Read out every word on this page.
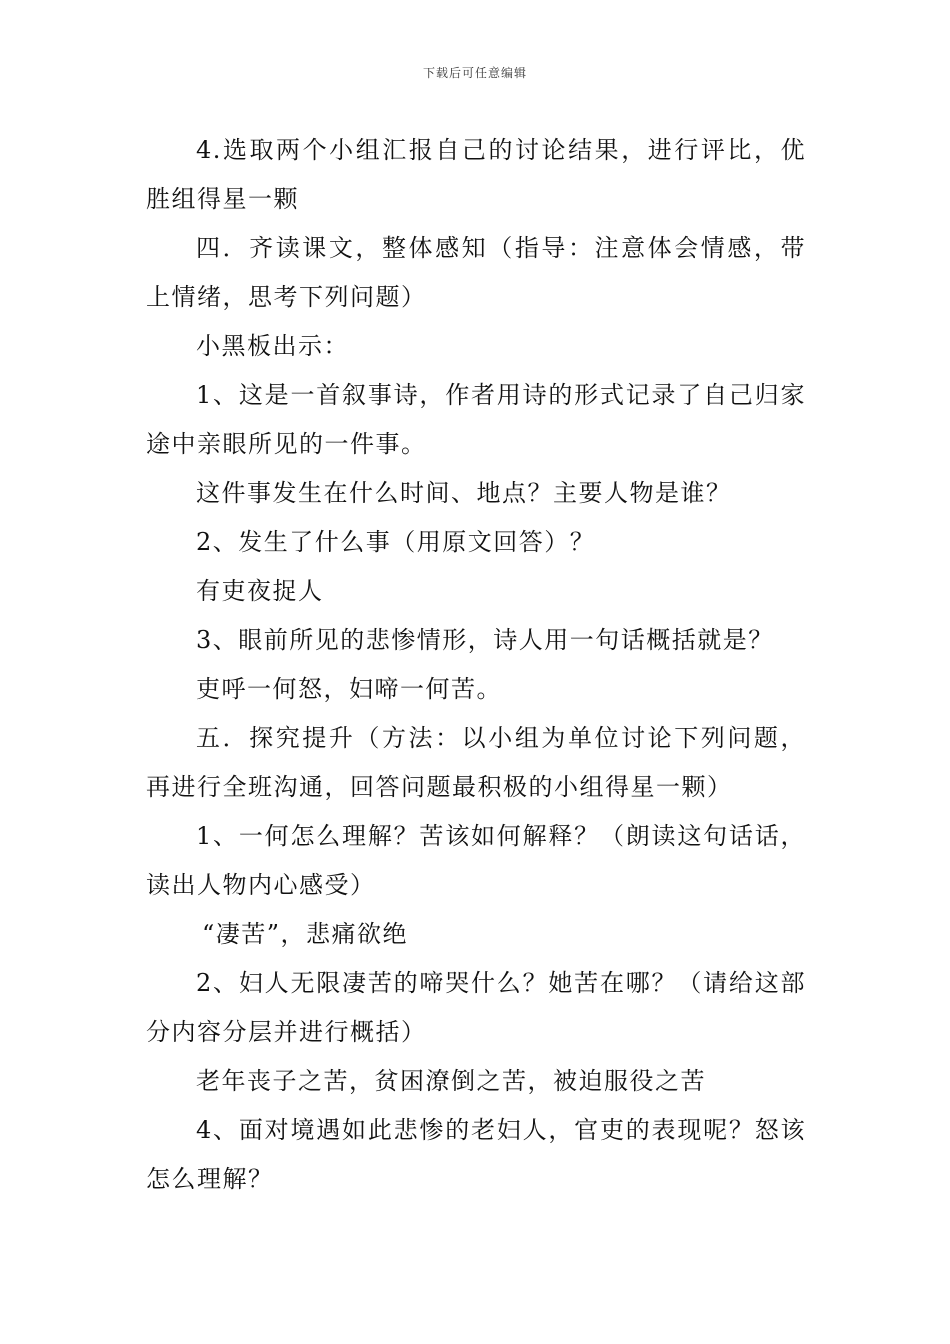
下载后可任意编辑

4.选取两个小组汇报自己的讨论结果，进行评比，优胜组得星一颗

四．齐读课文，整体感知（指导：注意体会情感，带上情绪，思考下列问题）

小黑板出示：

1、这是一首叙事诗，作者用诗的形式记录了自己归家途中亲眼所见的一件事。

这件事发生在什么时间、地点？主要人物是谁？

2、发生了什么事（用原文回答）？

有吏夜捉人

3、眼前所见的悲惨情形，诗人用一句话概括就是？

吏呼一何怒，妇啼一何苦。

五．探究提升（方法：以小组为单位讨论下列问题，再进行全班沟通，回答问题最积极的小组得星一颗）

1、一何怎么理解？苦该如何解释？（朗读这句话话，读出人物内心感受）

“凄苦”，悲痛欲绝

2、妇人无限凄苦的啼哭什么？她苦在哪？（请给这部分内容分层并进行概括）

老年丧子之苦，贫困潦倒之苦，被迫服役之苦

4、面对境遇如此悲惨的老妇人，官吏的表现呢？怒该怎么理解？
